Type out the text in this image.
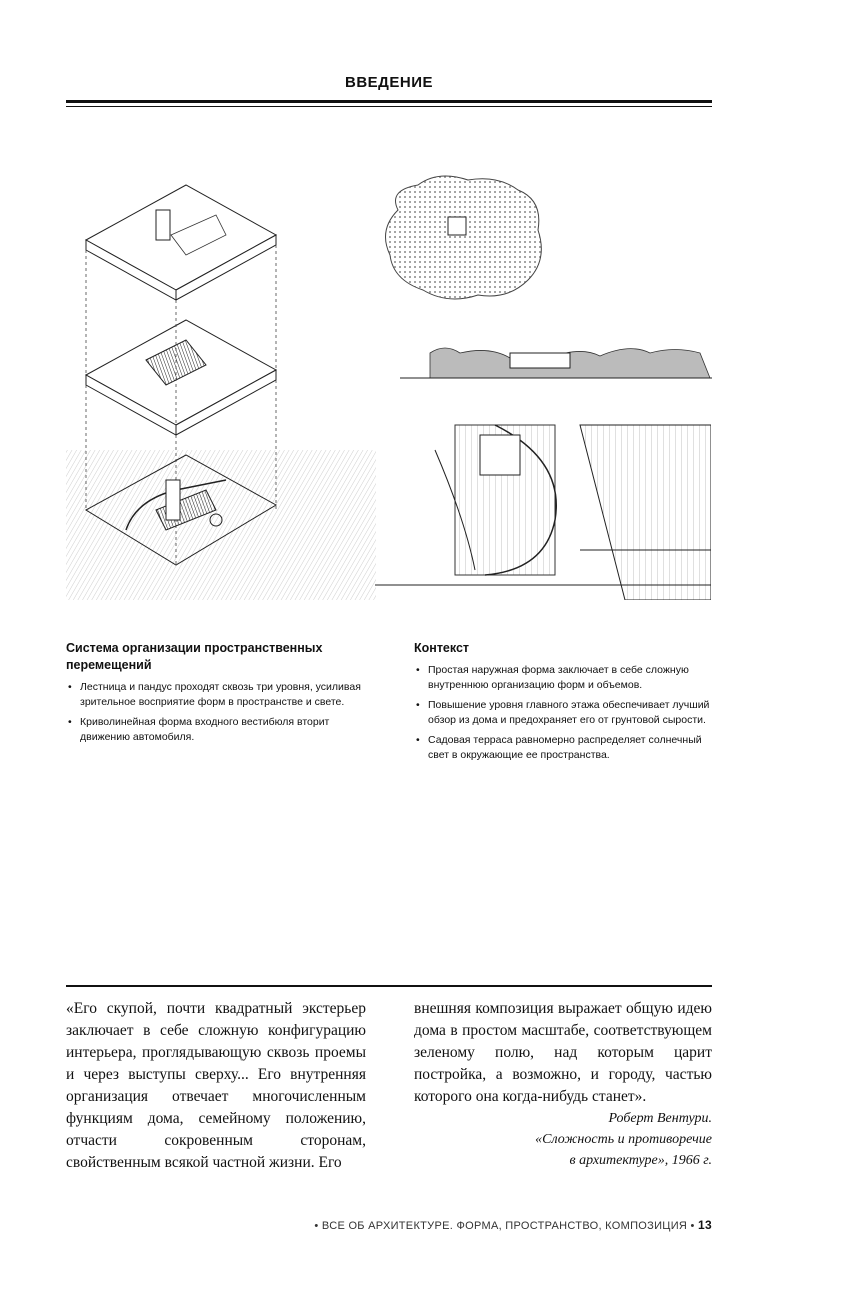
ВВЕДЕНИЕ

Система организации пространственных перемещений

• Лестница и пандус проходят сквозь три уровня, усиливая зрительное восприятие форм в пространстве и свете.
• Криволинейная форма входного вестибюля вторит движению автомобиля.

Контекст

• Простая наружная форма заключает в себе сложную внутреннюю организацию форм и объемов.
• Повышение уровня главного этажа обеспечивает лучший обзор из дома и предохраняет его от грунтовой сырости.
• Садовая терраса равномерно распределяет солнечный свет в окружающие ее пространства.
«Его скупой, почти квадратный экстерьер заключает в себе сложную конфигурацию интерьера, проглядывающую сквозь проемы и через выступы сверху... Его внутренняя организация отвечает многочисленным функциям дома, семейному положению, отчасти сокровенным сторонам, свойственным всякой частной жизни. Его
внешняя композиция выражает общую идею дома в простом масштабе, соответствующем зеленому полю, над которым царит постройка, а возможно, и городу, частью которого она когда-нибудь станет».
Роберт Вентури.
«Сложность и противоречие
в архитектуре», 1966 г.
• ВСЕ ОБ АРХИТЕКТУРЕ. ФОРМА, ПРОСТРАНСТВО, КОМПОЗИЦИЯ • 13
